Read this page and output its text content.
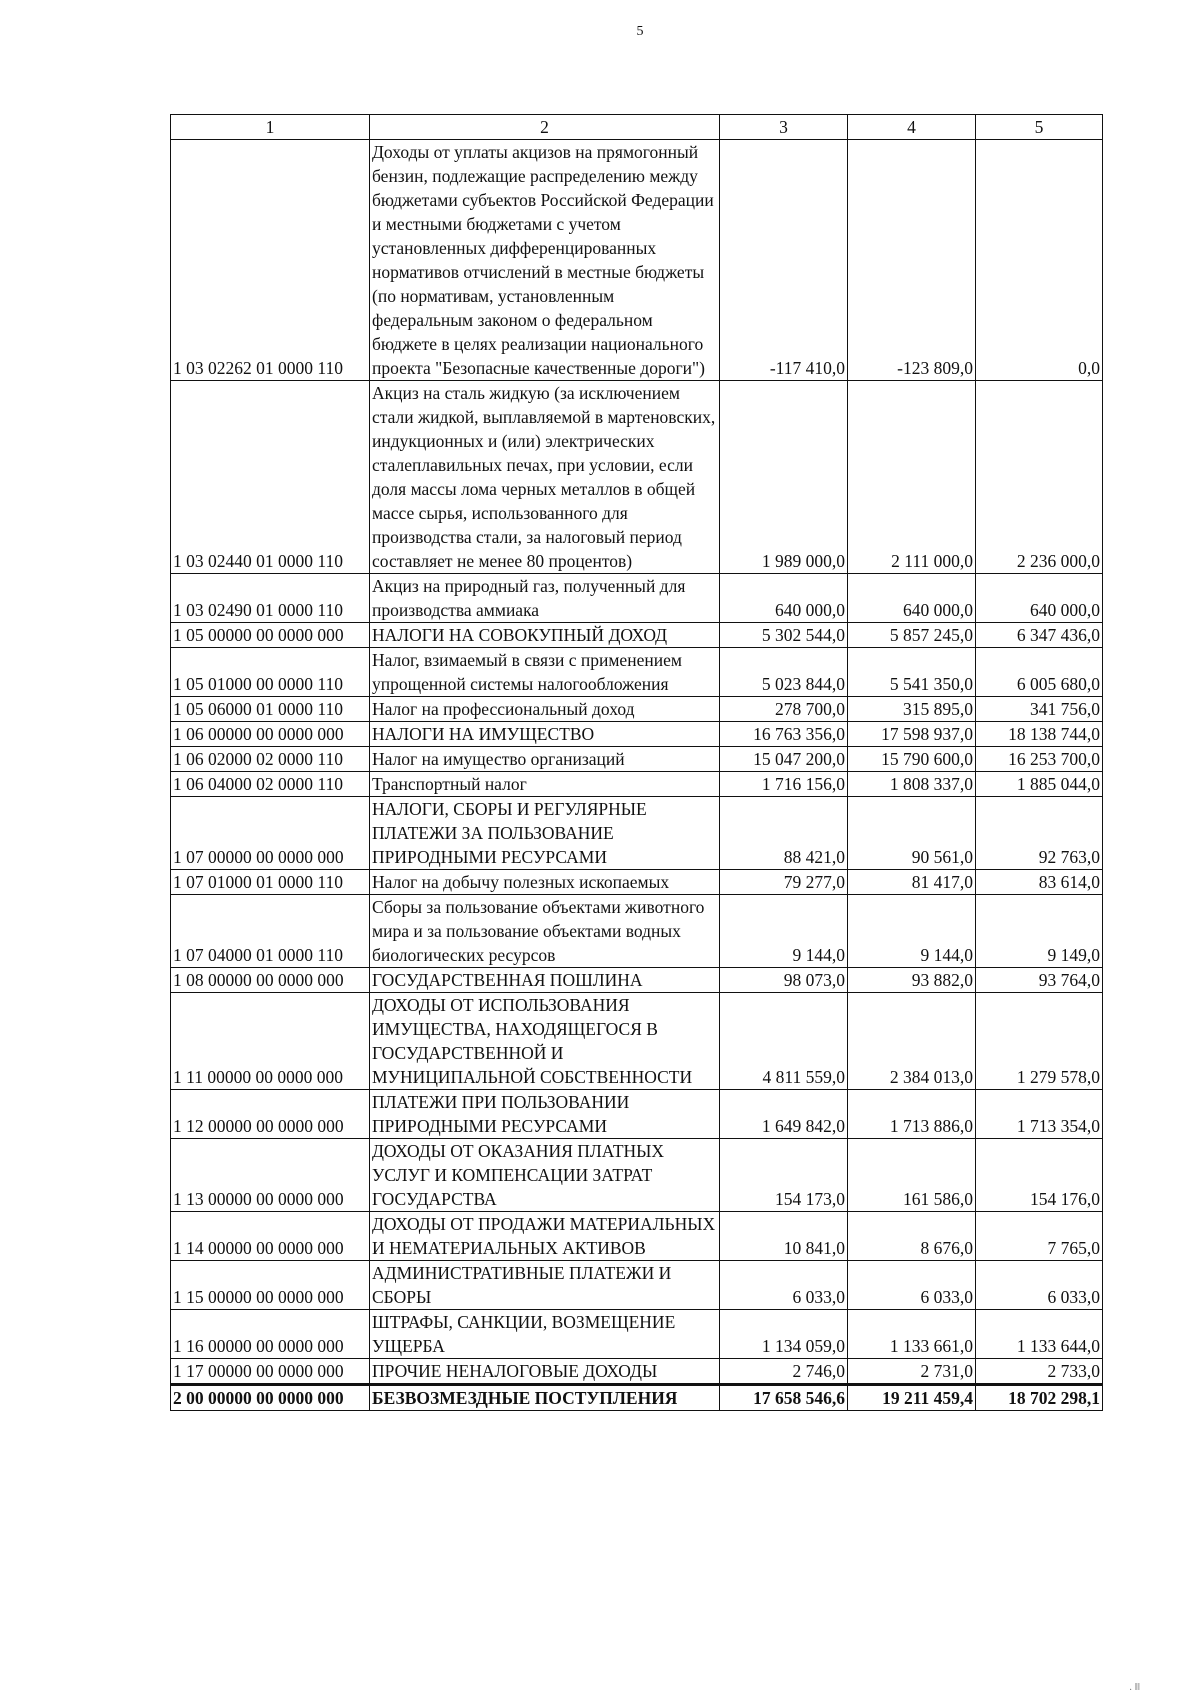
5
1	2	3	4	5
1 03 02262 01 0000 110	Доходы от уплаты акцизов на прямогонный бензин, подлежащие распределению между бюджетами субъектов Российской Федерации и местными бюджетами с учетом установленных дифференцированных нормативов отчислений в местные бюджеты (по нормативам, установленным федеральным законом о федеральном бюджете в целях реализации национального проекта "Безопасные качественные дороги")	-117 410,0	-123 809,0	0,0
1 03 02440 01 0000 110	Акциз на сталь жидкую (за исключением стали жидкой, выплавляемой в мартеновских, индукционных и (или) электрических сталеплавильных печах, при условии, если доля массы лома черных металлов в общей массе сырья, использованного для производства стали, за налоговый период составляет не менее 80 процентов)	1 989 000,0	2 111 000,0	2 236 000,0
1 03 02490 01 0000 110	Акциз на природный газ, полученный для производства аммиака	640 000,0	640 000,0	640 000,0
1 05 00000 00 0000 000	НАЛОГИ НА СОВОКУПНЫЙ ДОХОД	5 302 544,0	5 857 245,0	6 347 436,0
1 05 01000 00 0000 110	Налог, взимаемый в связи с применением упрощенной системы налогообложения	5 023 844,0	5 541 350,0	6 005 680,0
1 05 06000 01 0000 110	Налог на профессиональный доход	278 700,0	315 895,0	341 756,0
1 06 00000 00 0000 000	НАЛОГИ НА ИМУЩЕСТВО	16 763 356,0	17 598 937,0	18 138 744,0
1 06 02000 02 0000 110	Налог на имущество организаций	15 047 200,0	15 790 600,0	16 253 700,0
1 06 04000 02 0000 110	Транспортный налог	1 716 156,0	1 808 337,0	1 885 044,0
1 07 00000 00 0000 000	НАЛОГИ, СБОРЫ И РЕГУЛЯРНЫЕ ПЛАТЕЖИ ЗА ПОЛЬЗОВАНИЕ ПРИРОДНЫМИ РЕСУРСАМИ	88 421,0	90 561,0	92 763,0
1 07 01000 01 0000 110	Налог на добычу полезных ископаемых	79 277,0	81 417,0	83 614,0
1 07 04000 01 0000 110	Сборы за пользование объектами животного мира и за пользование объектами водных биологических ресурсов	9 144,0	9 144,0	9 149,0
1 08 00000 00 0000 000	ГОСУДАРСТВЕННАЯ ПОШЛИНА	98 073,0	93 882,0	93 764,0
1 11 00000 00 0000 000	ДОХОДЫ ОТ ИСПОЛЬЗОВАНИЯ ИМУЩЕСТВА, НАХОДЯЩЕГОСЯ В ГОСУДАРСТВЕННОЙ И МУНИЦИПАЛЬНОЙ СОБСТВЕННОСТИ	4 811 559,0	2 384 013,0	1 279 578,0
1 12 00000 00 0000 000	ПЛАТЕЖИ ПРИ ПОЛЬЗОВАНИИ ПРИРОДНЫМИ РЕСУРСАМИ	1 649 842,0	1 713 886,0	1 713 354,0
1 13 00000 00 0000 000	ДОХОДЫ ОТ ОКАЗАНИЯ ПЛАТНЫХ УСЛУГ И КОМПЕНСАЦИИ ЗАТРАТ ГОСУДАРСТВА	154 173,0	161 586,0	154 176,0
1 14 00000 00 0000 000	ДОХОДЫ ОТ ПРОДАЖИ МАТЕРИАЛЬНЫХ И НЕМАТЕРИАЛЬНЫХ АКТИВОВ	10 841,0	8 676,0	7 765,0
1 15 00000 00 0000 000	АДМИНИСТРАТИВНЫЕ ПЛАТЕЖИ И СБОРЫ	6 033,0	6 033,0	6 033,0
1 16 00000 00 0000 000	ШТРАФЫ, САНКЦИИ, ВОЗМЕЩЕНИЕ УЩЕРБА	1 134 059,0	1 133 661,0	1 133 644,0
1 17 00000 00 0000 000	ПРОЧИЕ НЕНАЛОГОВЫЕ ДОХОДЫ	2 746,0	2 731,0	2 733,0
2 00 00000 00 0000 000	БЕЗВОЗМЕЗДНЫЕ ПОСТУПЛЕНИЯ	17 658 546,6	19 211 459,4	18 702 298,1
. ‖‖
